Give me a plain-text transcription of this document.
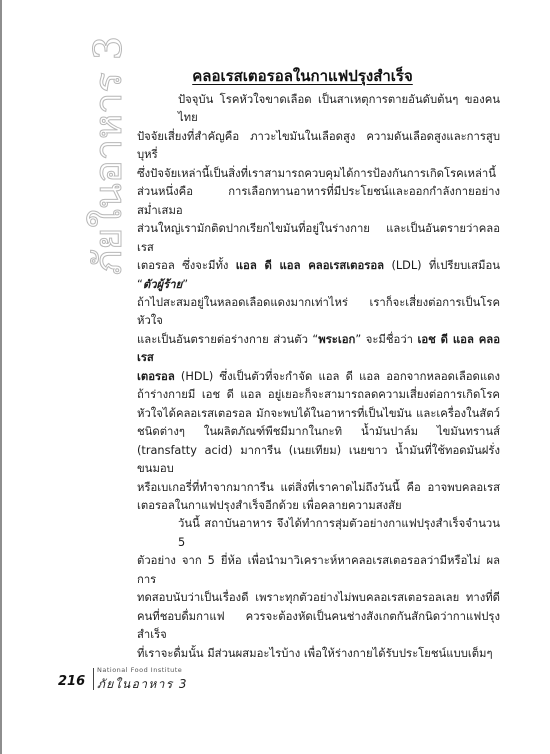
ภัยในอาหาร 3	คลอเรสเตอรอลในกาแฟปรุงสำเร็จ
ปัจจุบัน โรคหัวใจขาดเลือด เป็นสาเหตุการตายอันดับต้นๆ ของคนไทย
ปัจจัยเสี่ยงที่สำคัญคือ ภาวะไขมันในเลือดสูง ความดันเลือดสูงและการสูบบุหรี่
ซึ่งปัจจัยเหล่านี้เป็นสิ่งที่เราสามารถควบคุมได้การป้องกันการเกิดโรคเหล่านี้
ส่วนหนึ่งคือ การเลือกทานอาหารที่มีประโยชน์และออกกำลังกายอย่างสม่ำเสมอ
ส่วนใหญ่เรามักติดปากเรียกไขมันที่อยู่ในร่างกาย และเป็นอันตรายว่าคลอเรส
เตอรอล ซึ่งจะมีทั้ง แอล ดี แอล คลอเรสเตอรอล (LDL) ที่เปรียบเสมือน “ตัวผู้ร้าย”
ถ้าไปสะสมอยู่ในหลอดเลือดแดงมากเท่าไหร่ เราก็จะเสี่ยงต่อการเป็นโรคหัวใจ
และเป็นอันตรายต่อร่างกาย ส่วนตัว “พระเอก” จะมีชื่อว่า เอช ดี แอล คลอเรส
เตอรอล (HDL) ซึ่งเป็นตัวที่จะกำจัด แอล ดี แอล ออกจากหลอดเลือดแดง
ถ้าร่างกายมี เอช ดี แอล อยู่เยอะก็จะสามารถลดความเสี่ยงต่อการเกิดโรค
หัวใจได้คลอเรสเตอรอล มักจะพบได้ในอาหารที่เป็นไขมัน และเครื่องในสัตว์
ชนิดต่างๆ ในผลิตภัณฑ์พืชมีมากในกะทิ น้ำมันปาล์ม ไขมันทรานส์
(transfatty acid) มาการีน (เนยเทียม) เนยขาว น้ำมันที่ใช้ทอดมันฝรั่ง ขนมอบ
หรือเบเกอรี่ที่ทำจากมาการีน แต่สิ่งที่เราคาดไม่ถึงวันนี้ คือ อาจพบคลอเรส
เตอรอลในกาแฟปรุงสำเร็จอีกด้วย เพื่อคลายความสงสัย
วันนี้ สถาบันอาหาร จึงได้ทำการสุ่มตัวอย่างกาแฟปรุงสำเร็จจำนวน 5
ตัวอย่าง จาก 5 ยี่ห้อ เพื่อนำมาวิเคราะห์หาคลอเรสเตอรอลว่ามีหรือไม่ ผลการ
ทดสอบนับว่าเป็นเรื่องดี เพราะทุกตัวอย่างไม่พบคลอเรสเตอรอลเลย ทางที่ดี
คนที่ชอบดื่มกาแฟ ควรจะต้องหัดเป็นคนช่างสังเกตกันสักนิดว่ากาแฟปรุงสำเร็จ
ที่เราจะดื่มนั้น มีส่วนผสมอะไรบ้าง เพื่อให้ร่างกายได้รับประโยชน์แบบเต็มๆ
216
National Food Institute
ภัยในอาหาร 3
